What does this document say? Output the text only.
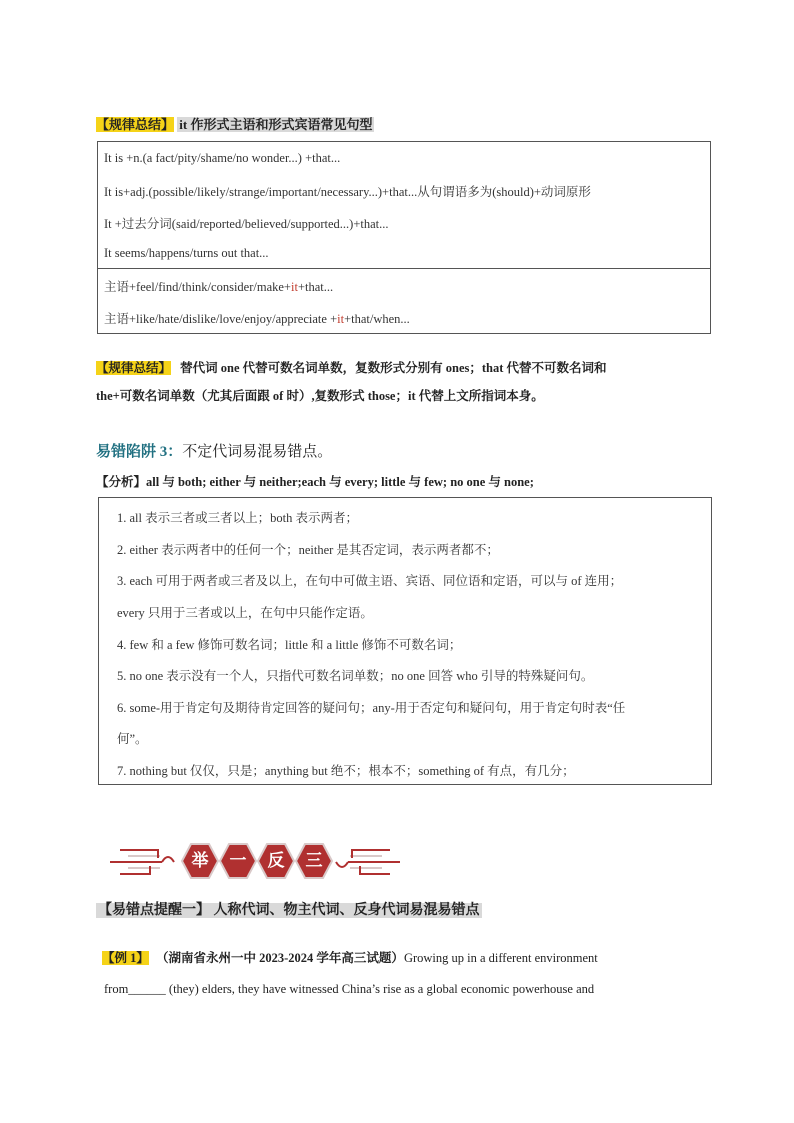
【规律总结】 it 作形式主语和形式宾语常见句型
It is +n.(a fact/pity/shame/no wonder...) +that...
It is+adj.(possible/likely/strange/important/necessary...)+that...从句谓语多为(should)+动词原形
It +过去分词(said/reported/believed/supported...)+that...
It seems/happens/turns out that...
主语+feel/find/think/consider/make+it+that...
主语+like/hate/dislike/love/enjoy/appreciate +it+that/when...
【规律总结】 替代词 one 代替可数名词单数，复数形式分别有 ones；that 代替不可数名词和
the+可数名词单数（尤其后面跟 of 时）,复数形式 those；it 代替上文所指词本身。
易错陷阱 3：不定代词易混易错点。
【分析】all 与 both; either 与 neither;each 与 every; little 与 few; no one 与 none;
1. all 表示三者或三者以上；both 表示两者；
2. either 表示两者中的任何一个；neither 是其否定词，表示两者都不；
3. each 可用于两者或三者及以上，在句中可做主语、宾语、同位语和定语，可以与 of 连用；
every 只用于三者或以上，在句中只能作定语。
4. few 和 a few 修饰可数名词；little 和 a little 修饰不可数名词；
5. no one 表示没有一个人，只指代可数名词单数；no one 回答 who 引导的特殊疑问句。
6. some-用于肯定句及期待肯定回答的疑问句；any-用于否定句和疑问句，用于肯定句时表“任
何”。
7. nothing but 仅仅，只是；anything but 绝不；根本不；something of 有点，有几分；
举	一	反	三
【易错点提醒一】 人称代词、物主代词、反身代词易混易错点
【例 1】 （湖南省永州一中 2023-2024 学年高三试题）Growing up in a different environment
from______ (they) elders, they have witnessed China’s rise as a global economic powerhouse and
